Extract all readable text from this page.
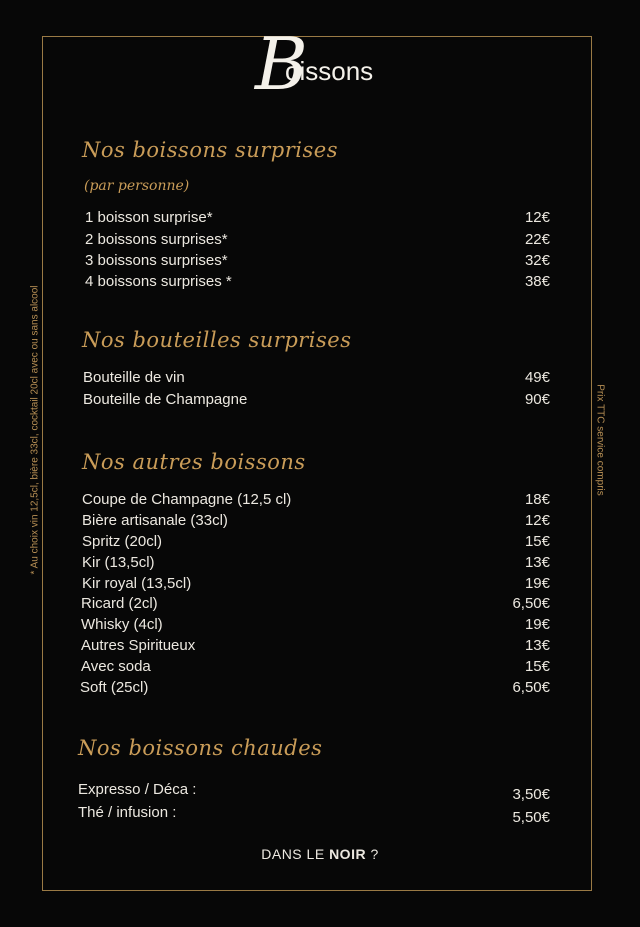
B
oissons
Nos boissons surprises
(par personne)
1 boisson surprise*	12€
2 boissons surprises*	22€
3 boissons surprises*	32€
4 boissons surprises *	38€
Nos bouteilles surprises
Bouteille de vin	49€
Bouteille de Champagne	90€
Nos autres boissons
Coupe de Champagne (12,5 cl)	18€
Bière artisanale (33cl)	12€
Spritz (20cl)	15€
Kir (13,5cl)	13€
Kir royal (13,5cl)	19€
Ricard (2cl)	6,50€
Whisky (4cl)	19€
Autres Spiritueux	13€
Avec soda	15€
Soft (25cl)	6,50€
Nos boissons chaudes
Expresso / Déca :	3,50€
Thé / infusion :	5,50€
* Au choix vin 12,5cl, bière 33cl, cocktail 20cl avec ou sans alcool	Prix TTC service compris
DANS LE NOIR ?
